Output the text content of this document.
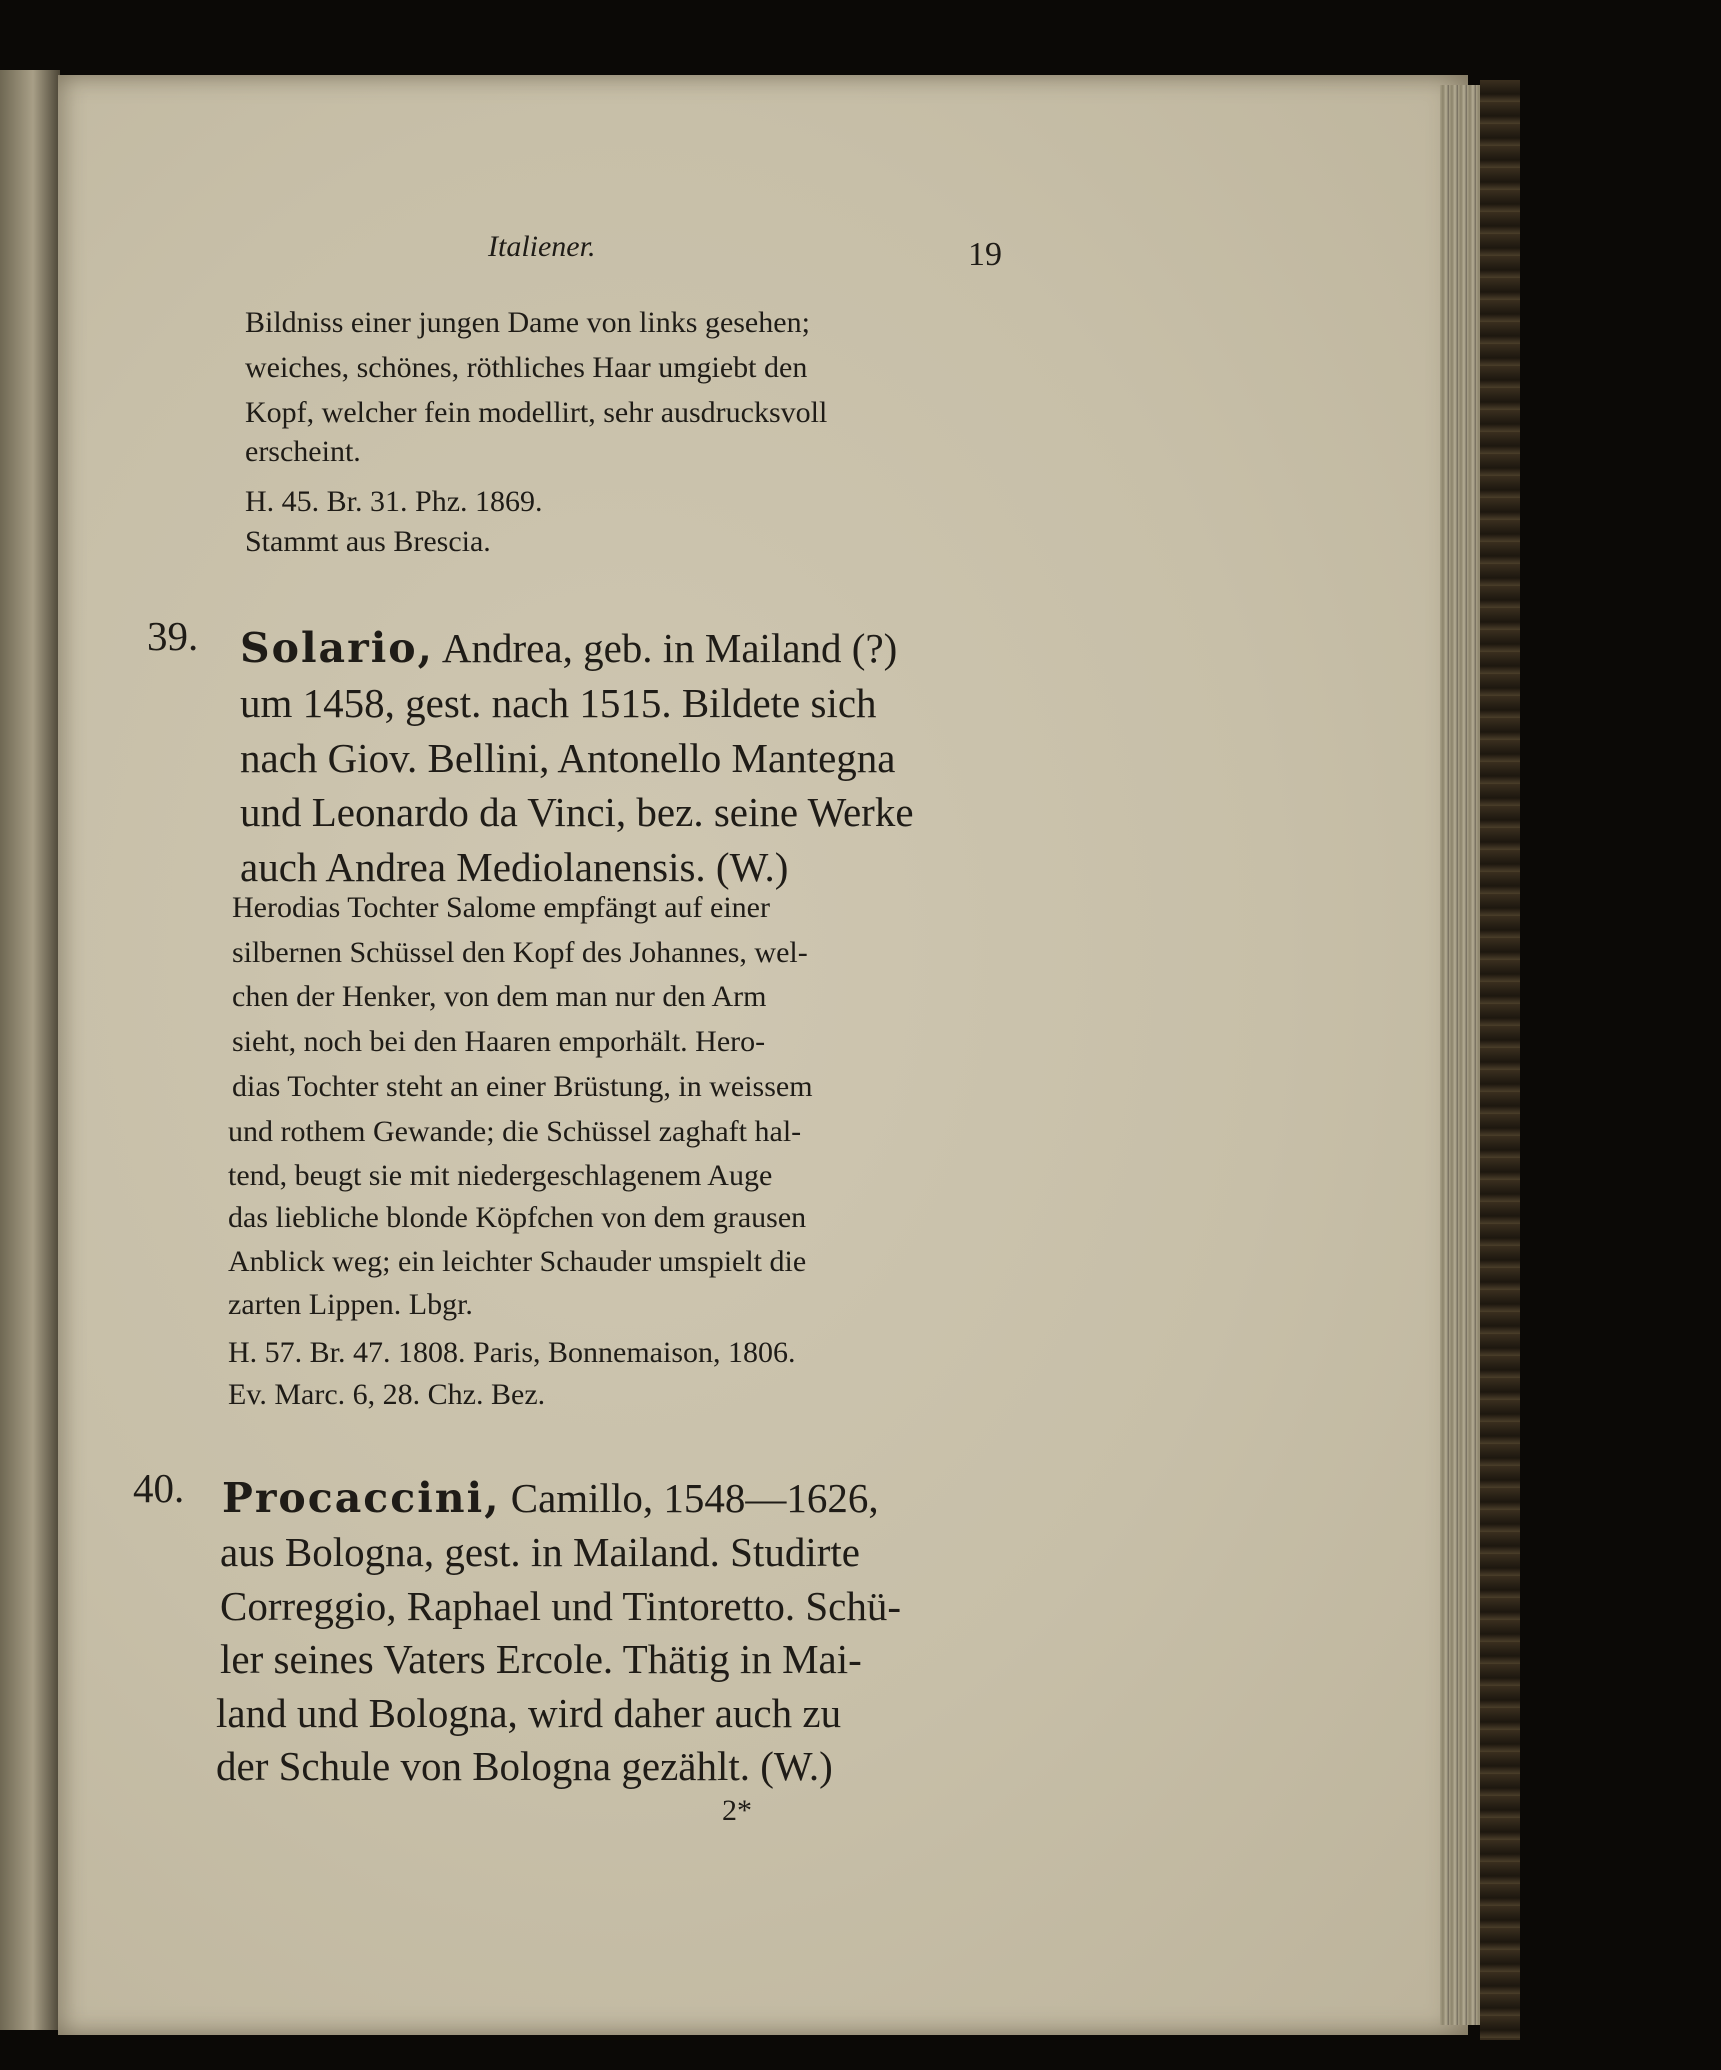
Italiener.	19
Bildniss einer jungen Dame von links gesehen;
weiches, schönes, röthliches Haar umgiebt den
Kopf, welcher fein modellirt, sehr ausdrucksvoll
erscheint.
H. 45. Br. 31. Phz. 1869.
Stammt aus Brescia.
39. Solario, Andrea, geb. in Mailand (?)
um 1458, gest. nach 1515. Bildete sich
nach Giov. Bellini, Antonello Mantegna
und Leonardo da Vinci, bez. seine Werke
auch Andrea Mediolanensis. (W.)
Herodias Tochter Salome empfängt auf einer
silbernen Schüssel den Kopf des Johannes, wel-
chen der Henker, von dem man nur den Arm
sieht, noch bei den Haaren emporhält. Hero-
dias Tochter steht an einer Brüstung, in weissem
und rothem Gewande; die Schüssel zaghaft hal-
tend, beugt sie mit niedergeschlagenem Auge
das liebliche blonde Köpfchen von dem grausen
Anblick weg; ein leichter Schauder umspielt die
zarten Lippen. Lbgr.
H. 57. Br. 47. 1808. Paris, Bonnemaison, 1806.
Ev. Marc. 6, 28. Chz. Bez.
40. Procaccini, Camillo, 1548—1626,
aus Bologna, gest. in Mailand. Studirte
Correggio, Raphael und Tintoretto. Schü-
ler seines Vaters Ercole. Thätig in Mai-
land und Bologna, wird daher auch zu
der Schule von Bologna gezählt. (W.)
2*
